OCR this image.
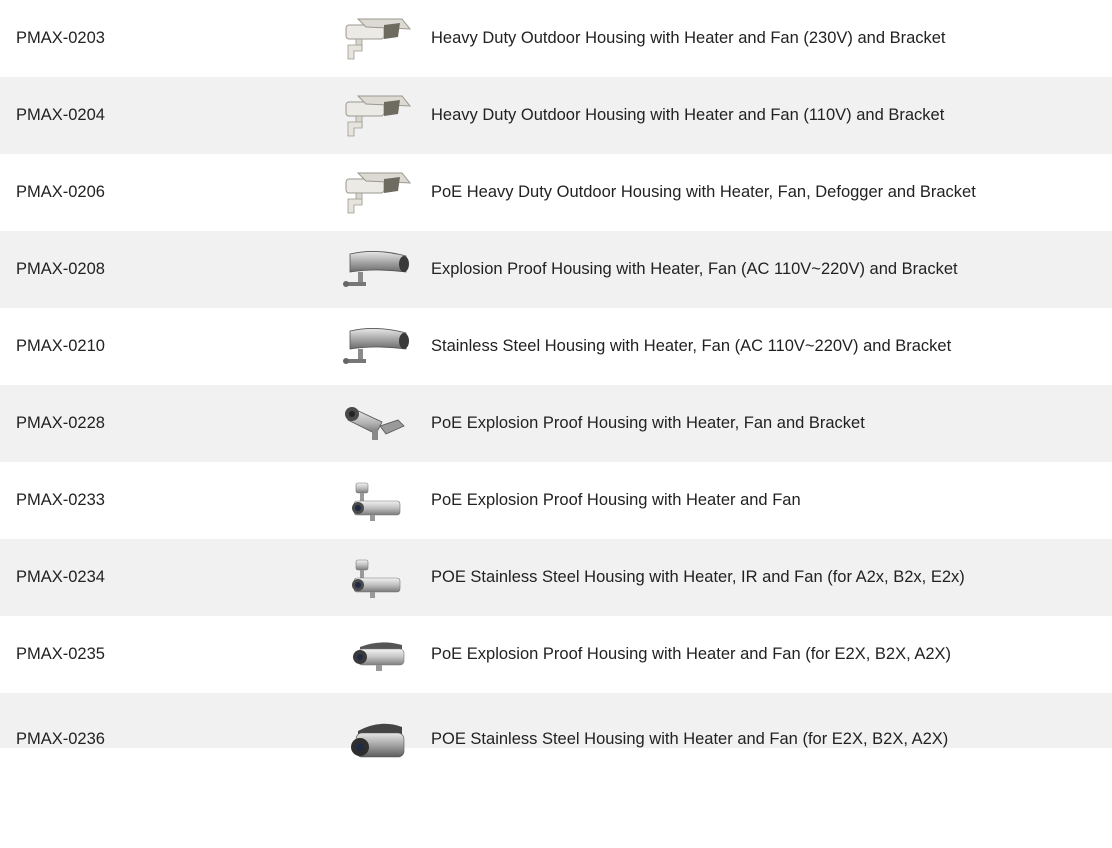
PMAX-0203	Heavy Duty Outdoor Housing with Heater and Fan (230V) and Bracket
PMAX-0204	Heavy Duty Outdoor Housing with Heater and Fan (110V) and Bracket
PMAX-0206	PoE Heavy Duty Outdoor Housing with Heater, Fan, Defogger and Bracket
PMAX-0208	Explosion Proof Housing with Heater, Fan (AC 110V~220V) and Bracket
PMAX-0210	Stainless Steel Housing with Heater, Fan (AC 110V~220V) and Bracket
PMAX-0228	PoE Explosion Proof Housing with Heater, Fan and Bracket
PMAX-0233	PoE Explosion Proof Housing with Heater and Fan
PMAX-0234	POE Stainless Steel Housing with Heater, IR and Fan (for A2x, B2x, E2x)
PMAX-0235	PoE Explosion Proof Housing with Heater and Fan (for E2X, B2X, A2X)
PMAX-0236	POE Stainless Steel Housing with Heater and Fan (for E2X, B2X, A2X)
